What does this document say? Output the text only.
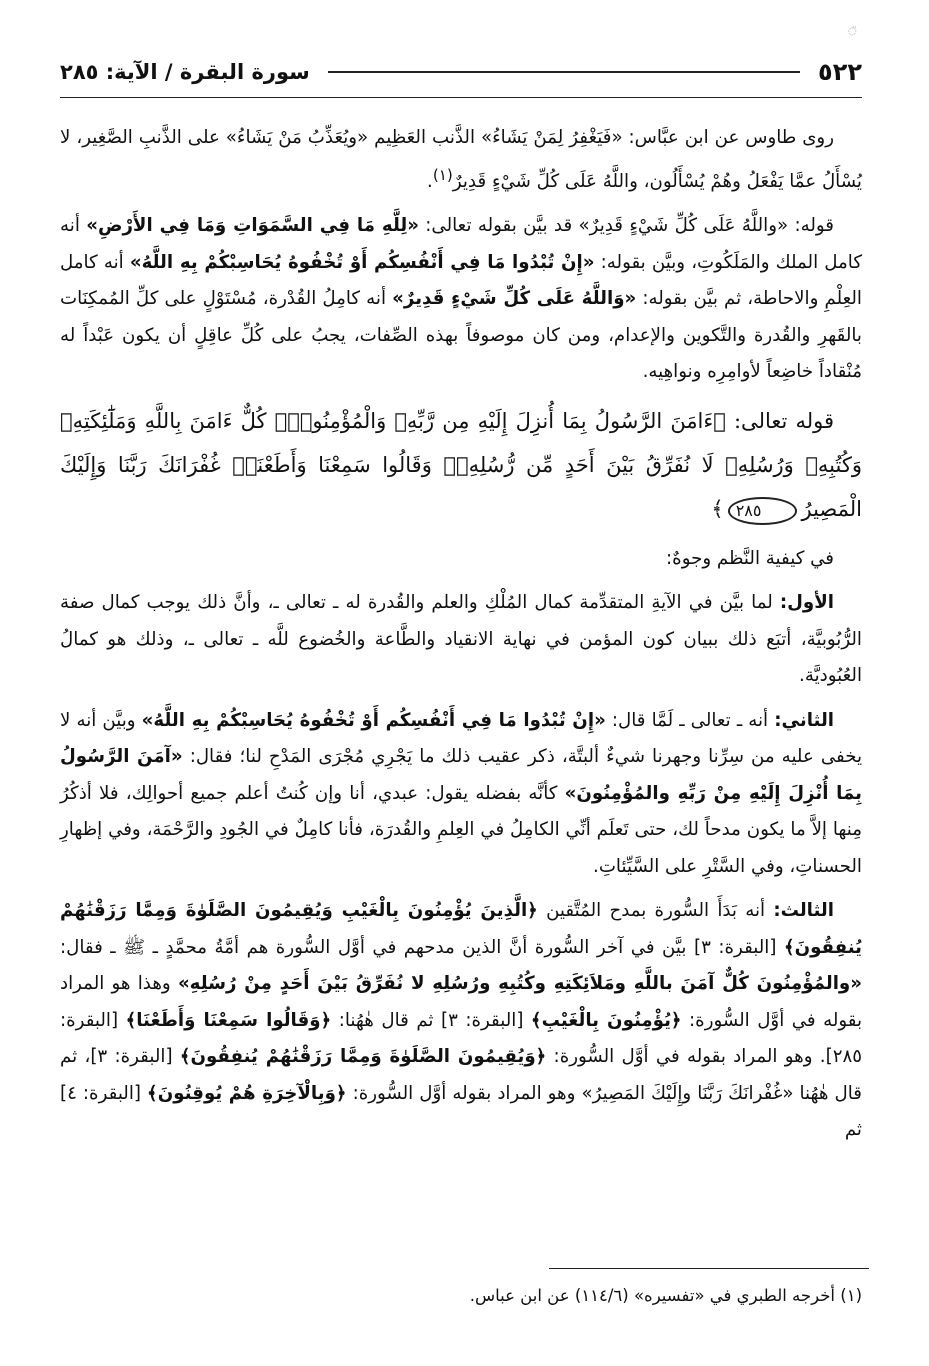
◌̈
٥٢٢
سورة البقرة / الآية: ٢٨٥

روى طاوس عن ابن عبَّاس: «فَيَغْفِرُ لِمَنْ يَشَاءُ» الذَّنب العَظِيم «ويُعَذِّبُ مَنْ يَشَاءُ» على الذَّنبِ الصَّغِير، لا يُسْأَلُ عمَّا يَفْعَلُ وهُمْ يُسْأَلُون، واللَّهُ عَلَى كُلِّ شَيْءٍ قَدِيرٌ$^{(١)}$.

قوله: «واللَّهُ عَلَى كُلِّ شَيْءٍ قَدِيرٌ» قد بيَّن بقوله تعالى: «لِلَّهِ مَا فِي السَّمَوَاتِ وَمَا فِي الأَرْضِ» أنه كامل الملك والمَلَكُوتِ، وبيَّن بقوله: «إِنْ تُبْدُوا مَا فِي أَنْفُسِكُم أَوْ تُخْفُوهُ يُحَاسِبْكُمْ بِهِ اللَّهُ» أنه كامل العِلْمِ والاحاطة، ثم بيَّن بقوله: «وَاللَّهُ عَلَى كُلِّ شَيْءٍ قَدِيرٌ» أنه كامِلُ القُدْرة، مُسْتَوْلٍ على كلِّ المُمكِنَات بالقَهرِ والقُدرة والتَّكوين والإعدام، ومن كان موصوفاً بهذه الصِّفات، يجبُ على كُلِّ عاقِلٍ أن يكون عَبْداً له مُنْقاداً خاضِعاً لأوامِرِه ونواهِيه.

قوله تعالى: ﴿ءَامَنَ الرَّسُولُ بِمَا أُنزِلَ إِلَيْهِ مِن رَّبِّهِۦ وَالْمُؤْمِنُونَۚ كُلٌّ ءَامَنَ بِاللَّهِ وَمَلَٰٓئِكَتِهِۦ وَكُتُبِهِۦ وَرُسُلِهِۦ لَا نُفَرِّقُ بَيْنَ أَحَدٍ مِّن رُّسُلِهِۦۚ وَقَالُوا سَمِعْنَا وَأَطَعْنَاۖ غُفْرَانَكَ رَبَّنَا وَإِلَيْكَ الْمَصِيرُ٢٨٥﴾

في كيفية النَّظم وجوهٌ:

الأول: لما بيَّن في الآيةِ المتقدِّمة كمال المُلْكِ والعلم والقُدرة له ـ تعالى ـ، وأنَّ ذلك يوجب كمال صفة الرُّبُوبيَّة، أتبَع ذلك ببيان كون المؤمن في نهاية الانقياد والطَّاعة والخُضوع للَّه ـ تعالى ـ، وذلك هو كمالُ العُبُوديَّة.

الثاني: أنه ـ تعالى ـ لَمَّا قال: «إِنْ تُبْدُوا مَا فِي أَنْفُسِكُم أَوْ تُخْفُوهُ يُحَاسِبْكُمْ بِهِ اللَّهُ» وبيَّن أنه لا يخفى عليه من سِرِّنا وجهرنا شيءٌ ألبتَّة، ذكر عقيب ذلك ما يَجْرِي مُجْرَى المَدْحِ لنا؛ فقال: «آمَنَ الرَّسُولُ بِمَا أُنْزِلَ إِلَيْهِ مِنْ رَبِّهِ والمُؤْمِنُونَ» كأنَّه بفضله يقول: عبدي، أنا وإن كُنتُ أعلم جميع أحوالِك، فلا أذكُرُ مِنها إلاَّ ما يكون مدحاً لك، حتى تَعلَم أنِّي الكامِلُ في العِلمِ والقُدرَة، فأنا كامِلٌ في الجُودِ والرَّحْمَة، وفي إظهارِ الحسناتِ، وفي السَّتْرِ على السَّيِّئاتِ.

الثالث: أنه بَدَأَ السُّورة بمدح المُتَّقين ﴿الَّذِينَ يُؤْمِنُونَ بِالْغَيْبِ وَيُقِيمُونَ الصَّلَوٰةَ وَمِمَّا رَزَقْنَٰهُمْ يُنفِقُونَ﴾ [البقرة: ٣] بيَّن في آخر السُّورة أنَّ الذين مدحهم في أوَّل السُّورة هم أمَّةُ محمَّدٍ ـ ﷺ ـ فقال: «والمُؤْمِنُونَ كُلٌّ آمَنَ باللَّهِ ومَلاَئِكَتِهِ وكُتُبِهِ ورُسُلِهِ لا نُفَرِّقُ بَيْنَ أَحَدٍ مِنْ رُسُلِهِ» وهذا هو المراد بقوله في أوَّل السُّورة: ﴿يُؤْمِنُونَ بِالْغَيْبِ﴾ [البقرة: ٣] ثم قال هٰهُنا: ﴿وَقَالُوا سَمِعْنَا وَأَطَعْنَا﴾ [البقرة: ٢٨٥]. وهو المراد بقوله في أوَّل السُّورة: ﴿وَيُقِيمُونَ الصَّلَوٰةَ وَمِمَّا رَزَقْنَٰهُمْ يُنفِقُونَ﴾ [البقرة: ٣]، ثم قال هٰهُنا «غُفْرانَكَ رَبَّنَا وإِلَيْكَ المَصِيرُ» وهو المراد بقوله أوَّل السُّورة: ﴿وَبِالْآخِرَةِ هُمْ يُوقِنُونَ﴾ [البقرة: ٤] ثم

(١) أخرجه الطبري في «تفسيره» (١١٤/٦) عن ابن عباس.
